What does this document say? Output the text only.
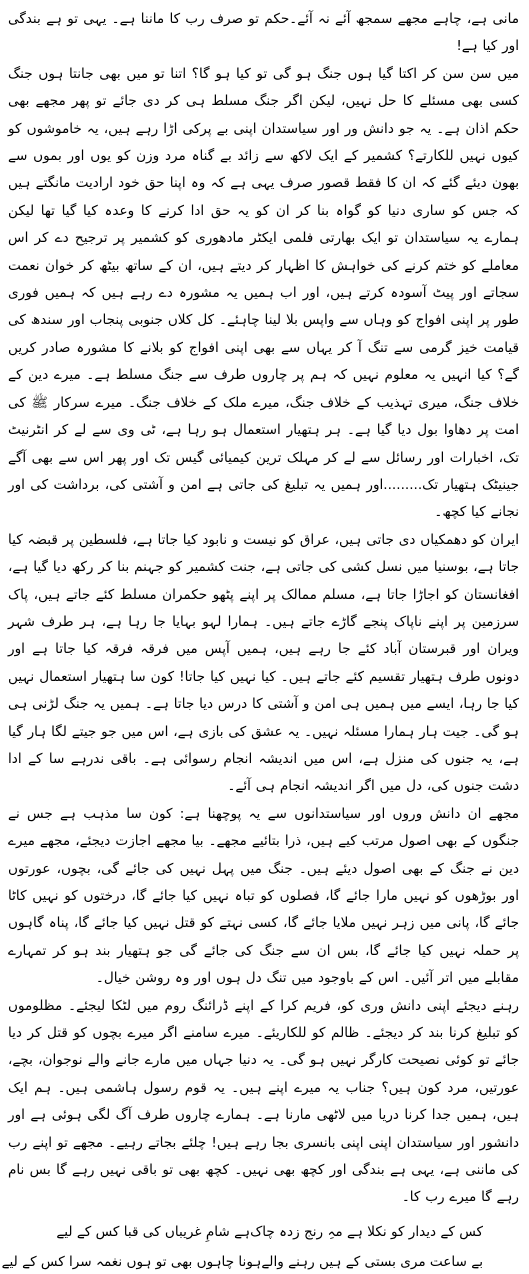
مانی ہے، چاہے مجھے سمجھ آئے نہ آئے۔حکم تو صرف رب کا ماننا ہے۔ یہی تو ہے بندگی اور کیا ہے!

میں سن سن کر اکتا گیا ہوں جنگ ہو گی تو کیا ہو گا؟ اتنا تو میں بھی جانتا ہوں جنگ کسی بھی مسئلے کا حل نہیں، لیکن اگر جنگ مسلط ہی کر دی جائے تو پھر مجھے بھی حکم اذان ہے۔ یہ جو دانش ور اور سیاستدان اپنی بے پرکی اڑا رہے ہیں، یہ خاموشوں کو کیوں نہیں للکارتے؟ کشمیر کے ایک لاکھ سے زائد بے گناہ مرد وزن کو یوں اور بموں سے بھون دیئے گئے کہ ان کا فقط قصور صرف یہی ہے کہ وہ اپنا حق خود ارادیت مانگتے ہیں کہ جس کو ساری دنیا کو گواہ بنا کر ان کو یہ حق ادا کرنے کا وعدہ کیا گیا تھا لیکن ہمارے یہ سیاستدان تو ایک بھارتی فلمی ایکٹر مادھوری کو کشمیر پر ترجیح دے کر اس معاملے کو ختم کرنے کی خواہش کا اظہار کر دیتے ہیں، ان کے ساتھ بیٹھ کر خوان نعمت سجاتے اور پیٹ آسودہ کرتے ہیں، اور اب ہمیں یہ مشورہ دے رہے ہیں کہ ہمیں فوری طور پر اپنی افواج کو وہاں سے واپس بلا لینا چاہئے۔ کل کلاں جنوبی پنجاب اور سندھ کی قیامت خیز گرمی سے تنگ آ کر یہاں سے بھی اپنی افواج کو بلانے کا مشورہ صادر کریں گے؟ کیا انہیں یہ معلوم نہیں کہ ہم پر چاروں طرف سے جنگ مسلط ہے۔ میرے دین کے خلاف جنگ، میری تہذیب کے خلاف جنگ، میرے ملک کے خلاف جنگ۔ میرے سرکار ﷺ کی امت پر دھاوا بول دیا گیا ہے۔ ہر ہتھیار استعمال ہو رہا ہے، ٹی وی سے لے کر انٹرنیٹ تک، اخبارات اور رسائل سے لے کر مہلک ترین کیمیائی گیس تک اور پھر اس سے بھی آگے جینیٹک ہتھیار تک.........اور ہمیں یہ تبلیغ کی جاتی ہے امن و آشتی کی، برداشت کی اور نجانے کیا کچھ۔

ایران کو دھمکیاں دی جاتی ہیں، عراق کو نیست و نابود کیا جاتا ہے، فلسطین پر قبضہ کیا جاتا ہے، بوسنیا میں نسل کشی کی جاتی ہے، جنت کشمیر کو جہنم بنا کر رکھ دیا گیا ہے، افغانستان کو اجاڑا جاتا ہے، مسلم ممالک پر اپنے پٹھو حکمران مسلط کئے جاتے ہیں، پاک سرزمین پر اپنے ناپاک پنجے گاڑے جاتے ہیں۔ ہمارا لہو بہایا جا رہا ہے، ہر طرف شہر ویران اور قبرستان آباد کئے جا رہے ہیں، ہمیں آپس میں فرقہ فرقہ کیا جاتا ہے اور دونوں طرف ہتھیار تقسیم کئے جاتے ہیں۔ کیا نہیں کیا جاتا! کون سا ہتھیار استعمال نہیں کیا جا رہا، ایسے میں ہمیں ہی امن و آشتی کا درس دیا جاتا ہے۔ ہمیں یہ جنگ لڑنی ہی ہو گی۔ جیت ہار ہمارا مسئلہ نہیں۔ یہ عشق کی بازی ہے، اس میں جو جیتے لگا ہار گیا ہے، یہ جنوں کی منزل ہے، اس میں اندیشہ انجام رسوائی ہے۔ باقی ندرہے سا کے ادا دشت جنوں کی، دل میں اگر اندیشہ انجام ہی آئے۔

مجھے ان دانش وروں اور سیاستدانوں سے یہ پوچھنا ہے: کون سا مذہب ہے جس نے جنگوں کے بھی اصول مرتب کیے ہیں، ذرا بتائیے مجھے۔ بیا مجھے اجازت دیجئے، مجھے میرے دین نے جنگ کے بھی اصول دیئے ہیں۔ جنگ میں پہل نہیں کی جائے گی، بچوں، عورتوں اور بوڑھوں کو نہیں مارا جائے گا، فصلوں کو تباہ نہیں کیا جائے گا، درختوں کو نہیں کاٹا جائے گا، پانی میں زہر نہیں ملایا جائے گا، کسی نہتے کو قتل نہیں کیا جائے گا، پناہ گاہوں پر حملہ نہیں کیا جائے گا، بس ان سے جنگ کی جائے گی جو ہتھیار بند ہو کر تمہارے مقابلے میں اتر آئیں۔ اس کے باوجود میں تنگ دل ہوں اور وہ روشن خیال۔

رہنے دیجئے اپنی دانش وری کو، فریم کرا کے اپنے ڈرائنگ روم میں لٹکا لیجئے۔ مظلوموں کو تبلیغ کرنا بند کر دیجئے۔ ظالم کو للکاریئے۔ میرے سامنے اگر میرے بچوں کو قتل کر دیا جائے تو کوئی نصیحت کارگر نہیں ہو گی۔ یہ دنیا جہاں میں مارے جانے والے نوجوان، بچے، عورتیں، مرد کون ہیں؟ جناب یہ میرے اپنے ہیں۔ یہ قوم رسول ہاشمی ہیں۔ ہم ایک ہیں، ہمیں جدا کرنا دریا میں لاٹھی مارنا ہے۔ ہمارے چاروں طرف آگ لگی ہوئی ہے اور دانشور اور سیاستدان اپنی اپنی بانسری بجا رہے ہیں! چلئے بجاتے رہیے۔ مجھے تو اپنے رب کی ماننی ہے، یہی ہے بندگی اور کچھ بھی نہیں۔ کچھ بھی تو باقی نہیں رہے گا بس نام رہے گا میرے رب کا۔

کس کے دیدار کو نکلا ہے مہِ رنج زدہ چاک
ہے شامِ غریباں کی قبا کس کے لیے
بے ساعت مری بستی کے ہیں رہنے والے
ہونا چاہوں بھی تو ہوں نغمہ سرا کس کے لیے
